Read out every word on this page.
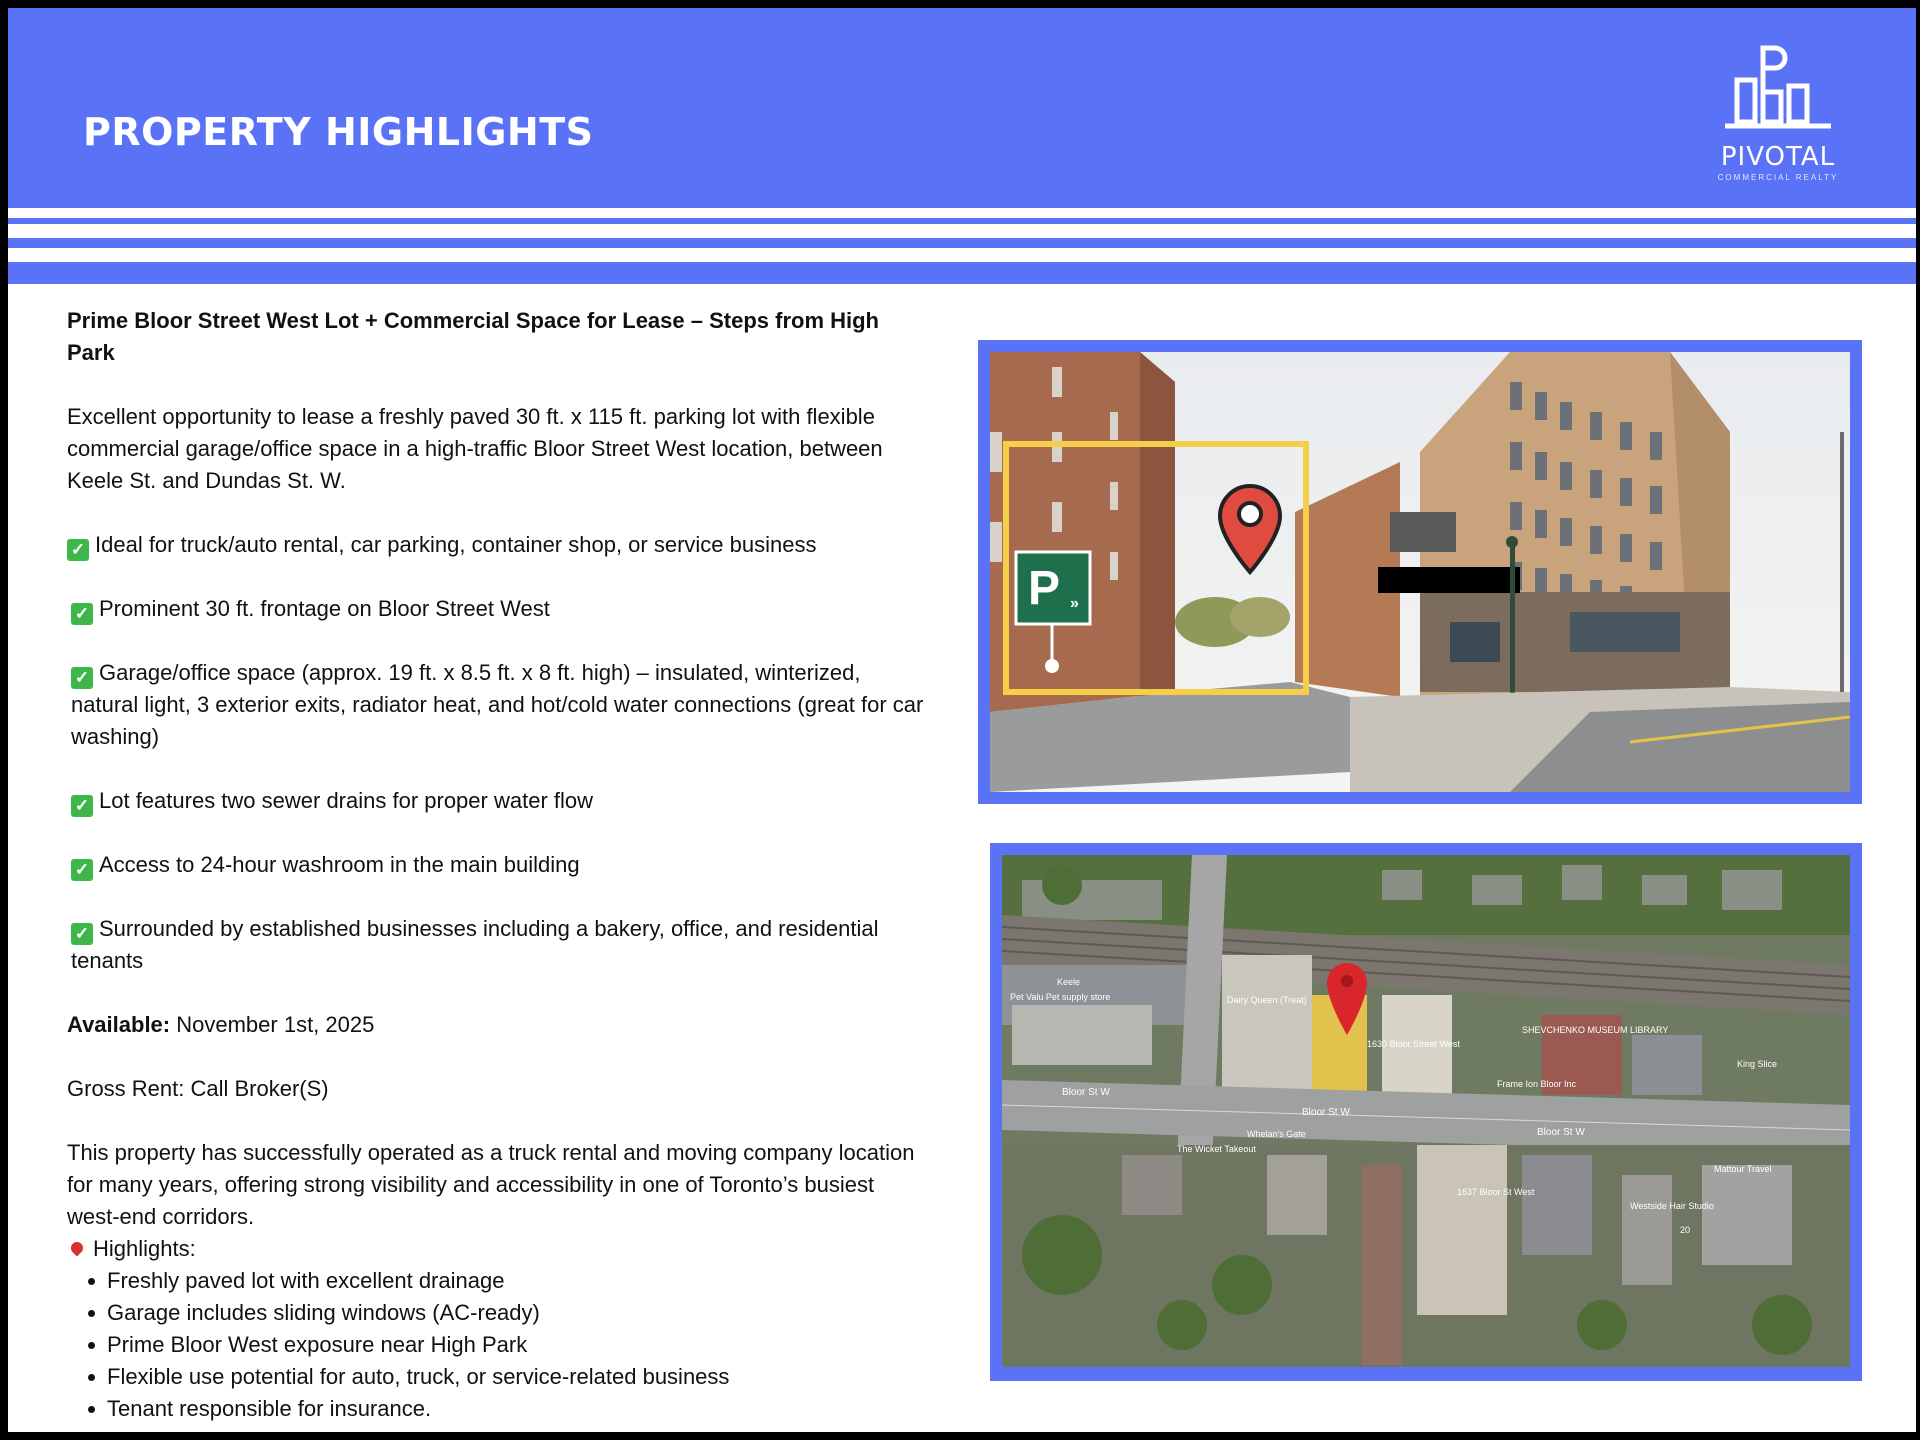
PROPERTY HIGHLIGHTS
PIVOTAL
COMMERCIAL REALTY

Prime Bloor Street West Lot + Commercial Space for Lease – Steps from High Park

Excellent opportunity to lease a freshly paved 30 ft. x 115 ft. parking lot with flexible commercial garage/office space in a high-traffic Bloor Street West location, between Keele St. and Dundas St. W.

✓ Ideal for truck/auto rental, car parking, container shop, or service business

✓ Prominent 30 ft. frontage on Bloor Street West

✓ Garage/office space (approx. 19 ft. x 8.5 ft. x 8 ft. high) – insulated, winterized, natural light, 3 exterior exits, radiator heat, and hot/cold water connections (great for car washing)

✓ Lot features two sewer drains for proper water flow

✓ Access to 24-hour washroom in the main building

✓ Surrounded by established businesses including a bakery, office, and residential tenants

Available: November 1st, 2025

Gross Rent: Call Broker(S)

This property has successfully operated as a truck rental and moving company location for many years, offering strong visibility and accessibility in one of Toronto’s busiest west-end corridors.

Highlights:

Freshly paved lot with excellent drainage
Garage includes sliding windows (AC-ready)
Prime Bloor West exposure near High Park
Flexible use potential for auto, truck, or service-related business
Tenant responsible for insurance.
P »
Bloor St W
Bloor St W
Bloor St W
Keele
Dairy Queen (Treat)
1630 Bloor Street West
SHEVCHENKO MUSEUM LIBRARY
Frame Ion Bloor Inc
Whelan's Gate
The Wicket Takeout
Pet Valu Pet supply store
1637 Bloor St West
Westside Hair Studio
Mattour Travel
King Slice
20
